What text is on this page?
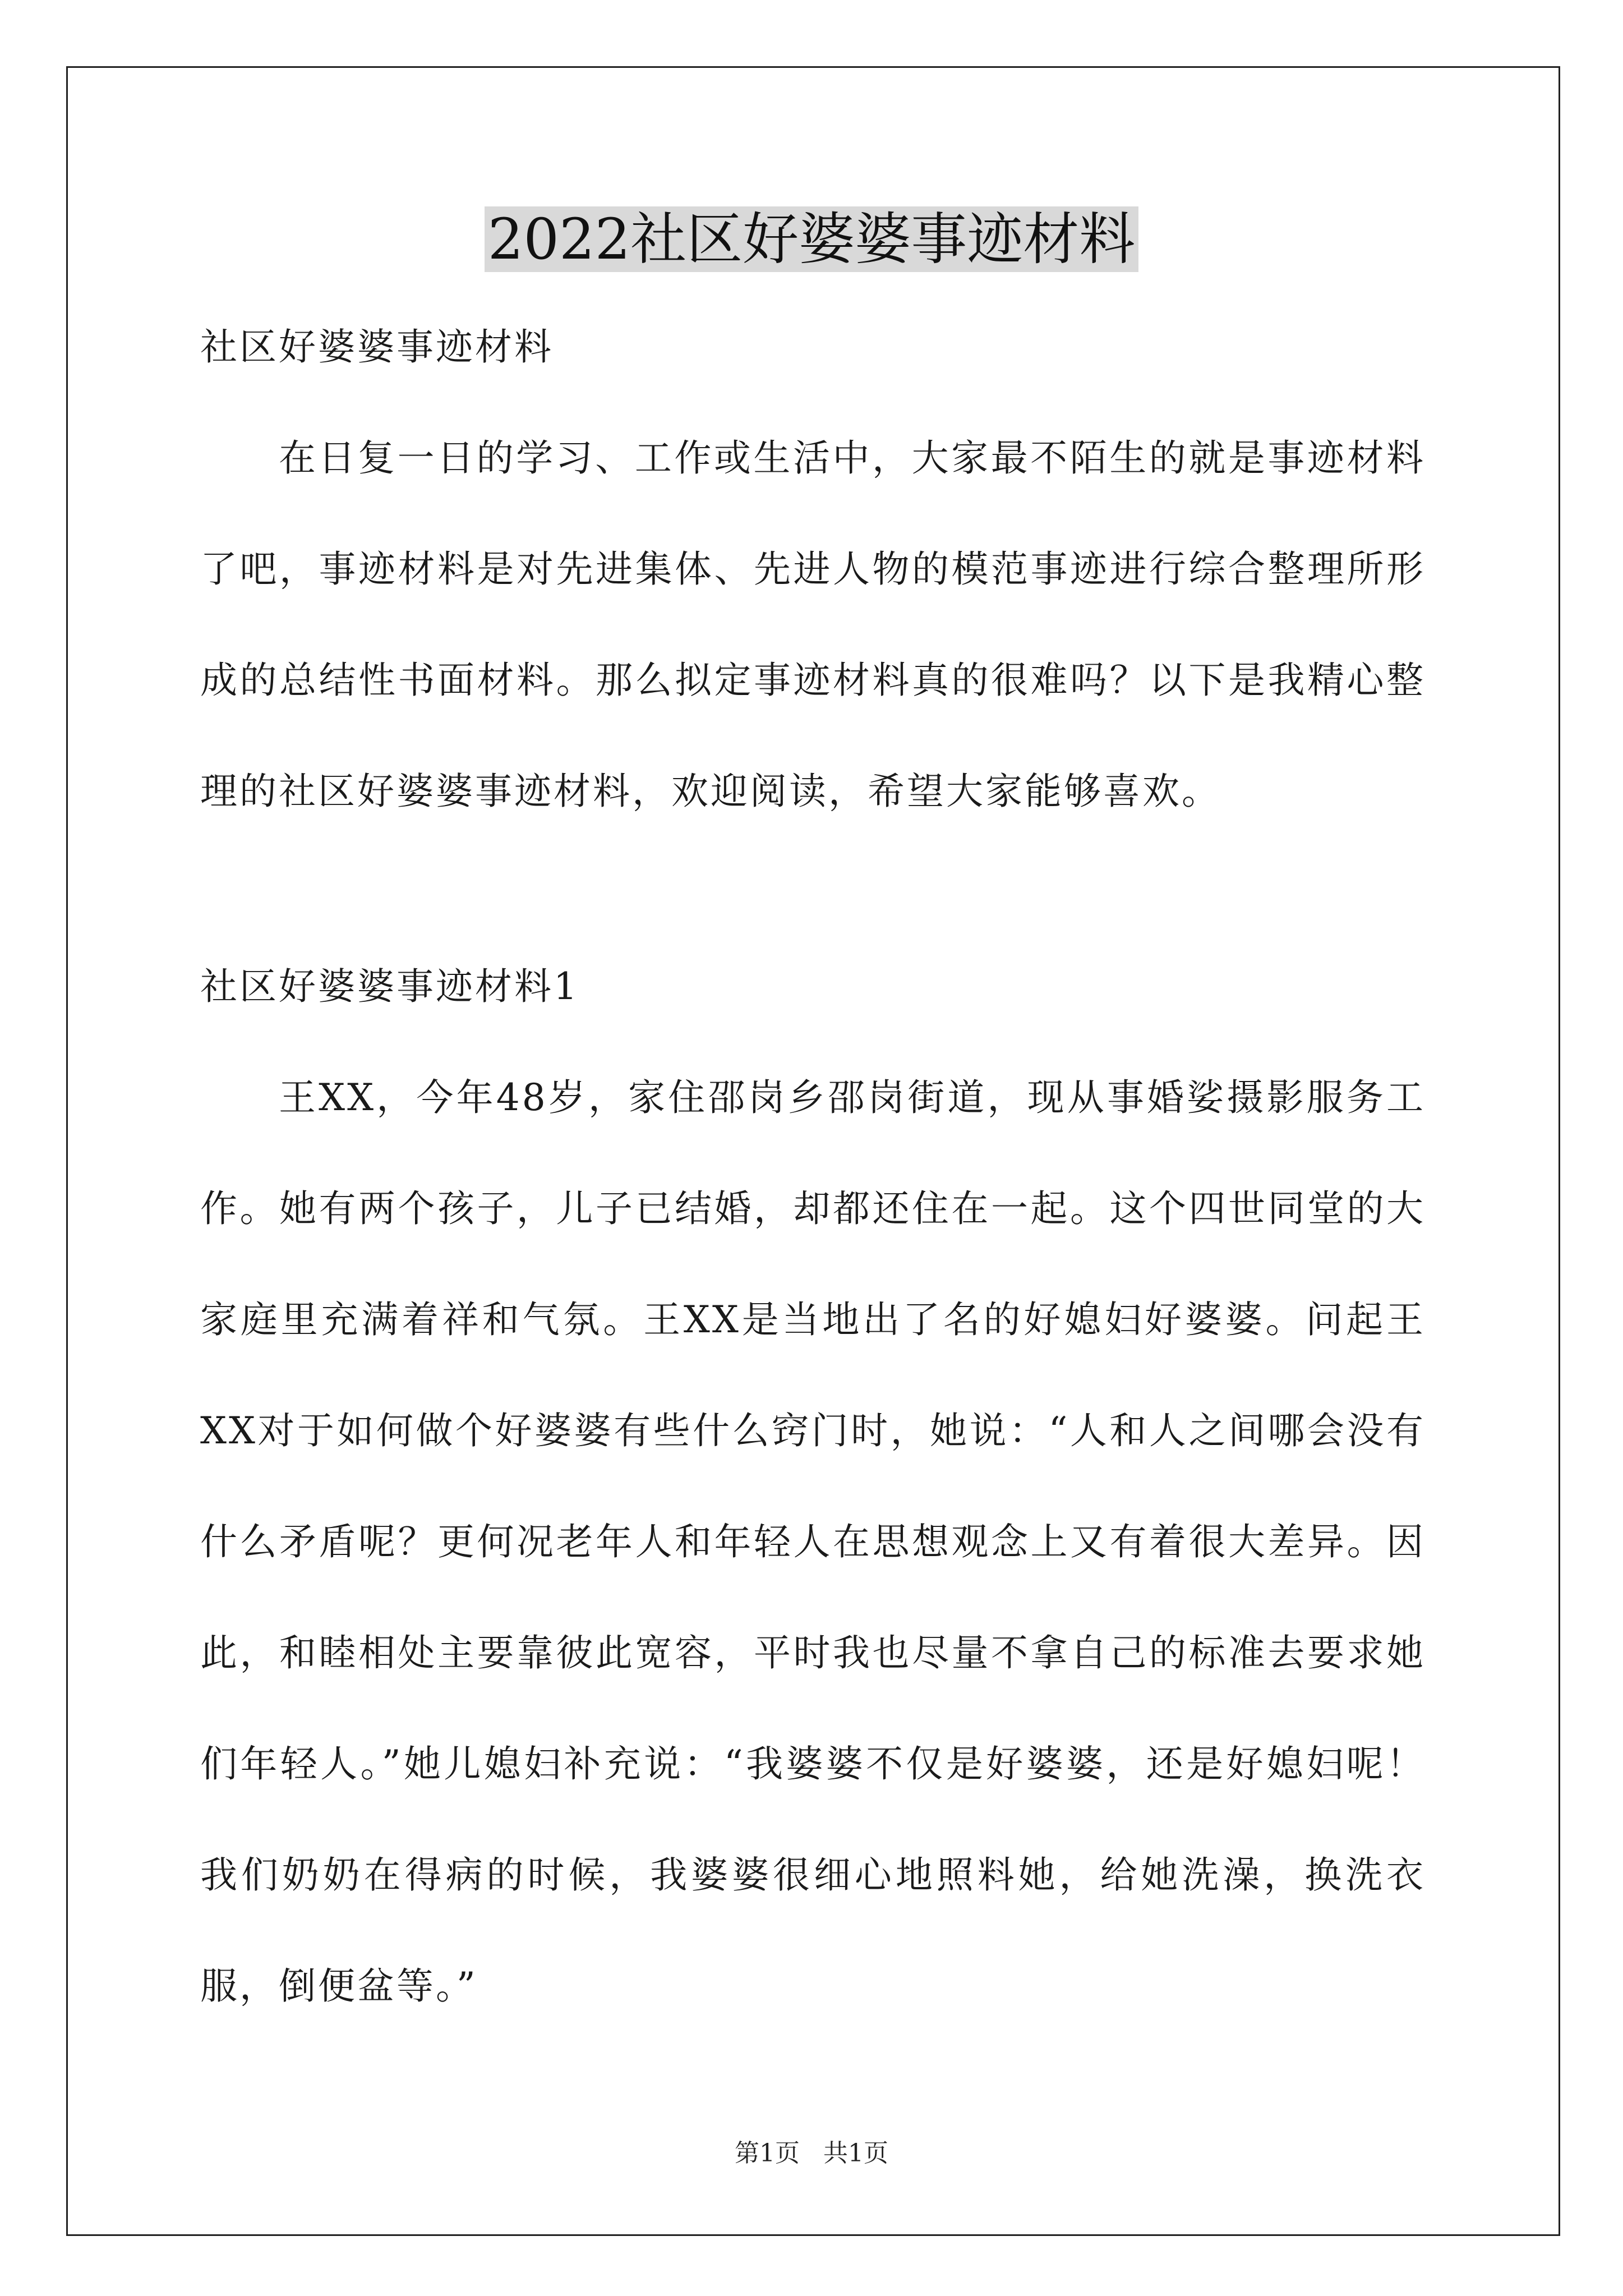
2022社区好婆婆事迹材料

社区好婆婆事迹材料

在日复一日的学习、工作或生活中，大家最不陌生的就是事迹材料了吧，事迹材料是对先进集体、先进人物的模范事迹进行综合整理所形成的总结性书面材料。那么拟定事迹材料真的很难吗？以下是我精心整理的社区好婆婆事迹材料，欢迎阅读，希望大家能够喜欢。

社区好婆婆事迹材料1

王XX，今年48岁，家住邵岗乡邵岗街道，现从事婚娑摄影服务工作。她有两个孩子，儿子已结婚，却都还住在一起。这个四世同堂的大家庭里充满着祥和气氛。王XX是当地出了名的好媳妇好婆婆。问起王XX对于如何做个好婆婆有些什么窍门时，她说：“人和人之间哪会没有什么矛盾呢？更何况老年人和年轻人在思想观念上又有着很大差异。因此，和睦相处主要靠彼此宽容，平时我也尽量不拿自己的标准去要求她们年轻人。”她儿媳妇补充说：“我婆婆不仅是好婆婆，还是好媳妇呢！我们奶奶在得病的时候，我婆婆很细心地照料她，给她洗澡，换洗衣服，倒便盆等。”

第1页   共1页
